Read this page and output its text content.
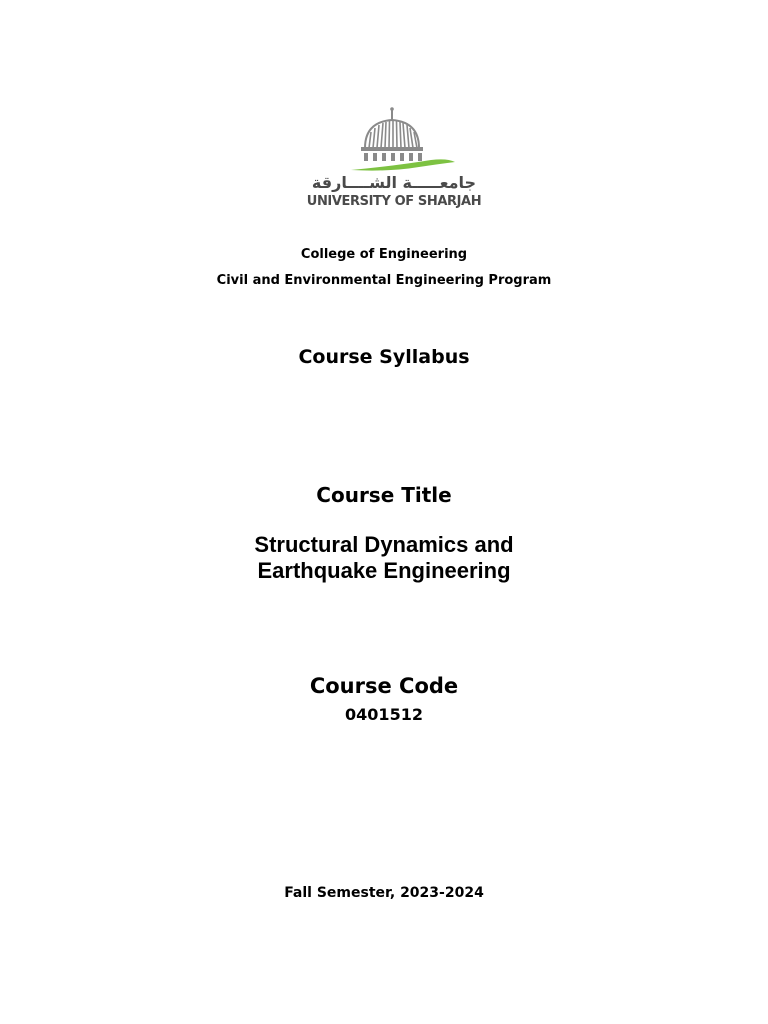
جامعـــــة الشــــارقة
UNIVERSITY OF SHARJAH
College of Engineering
Civil and Environmental Engineering Program
Course Syllabus
Course Title
Structural Dynamics and
Earthquake Engineering
Course Code
0401512
Fall Semester, 2023-2024
